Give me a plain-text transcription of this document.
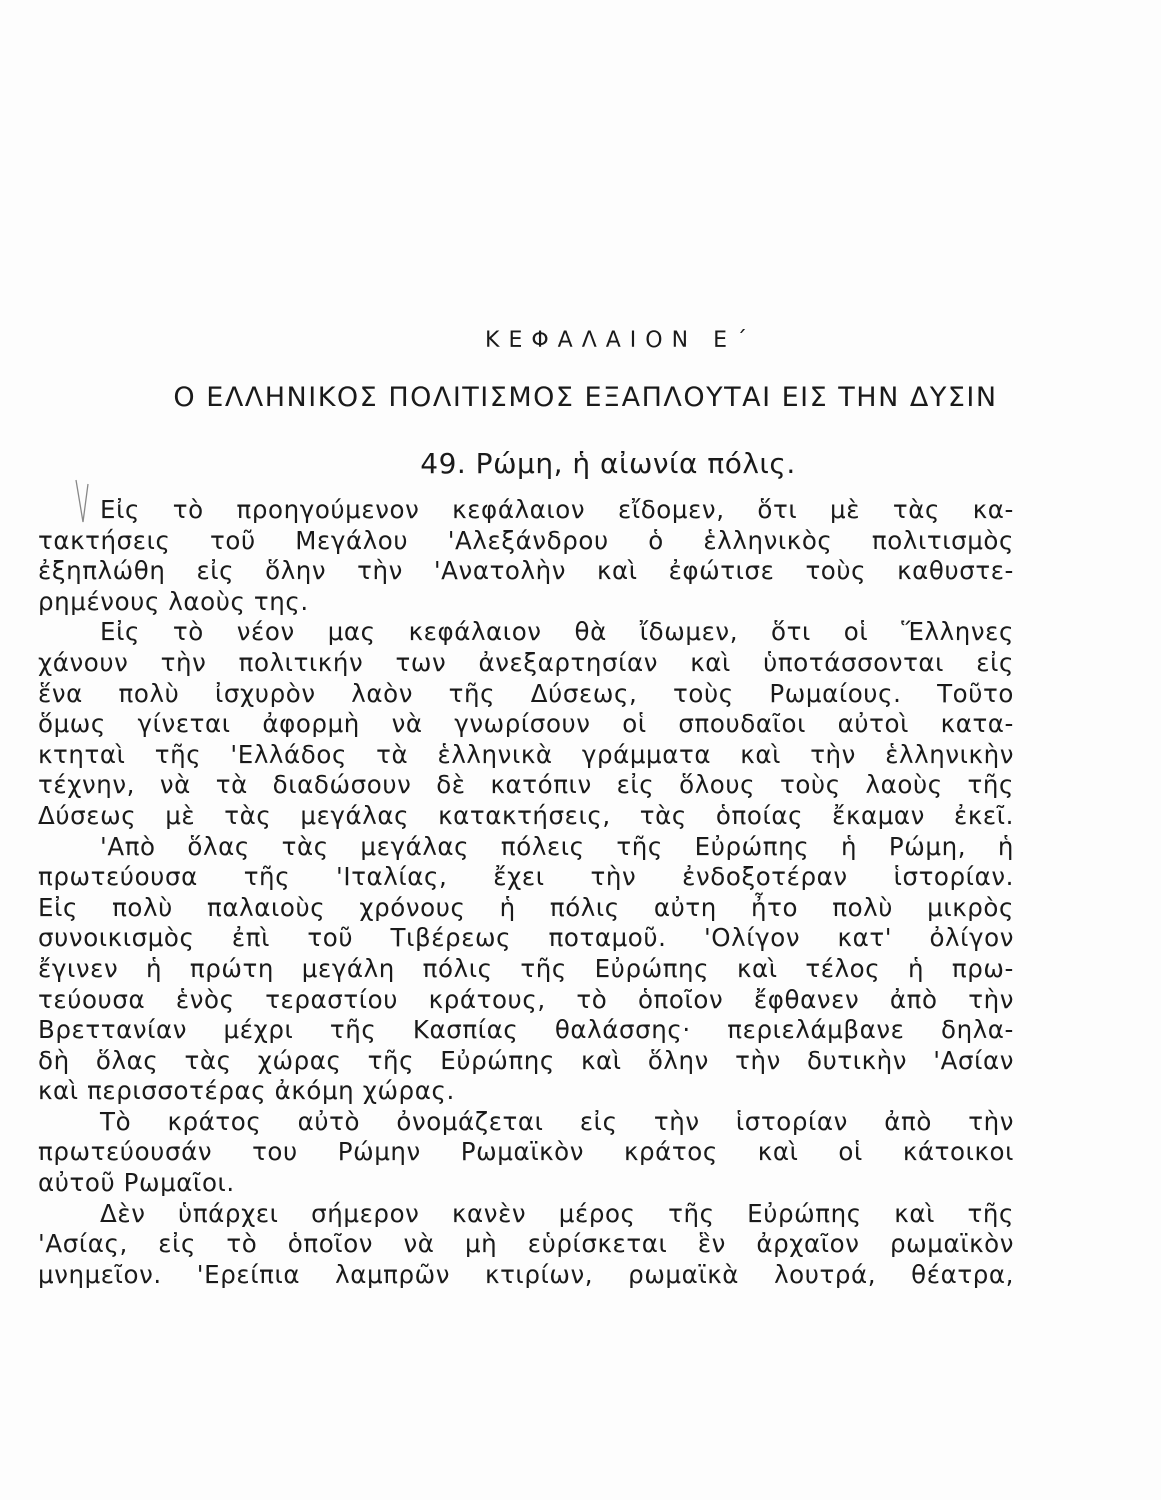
ΚΕΦΑΛΑΙΟΝ Ε΄
Ο ΕΛΛΗΝΙΚΟΣ ΠΟΛΙΤΙΣΜΟΣ ΕΞΑΠΛΟΥΤΑΙ ΕΙΣ ΤΗΝ ΔΥΣΙΝ
49. Ρώμη, ἡ αἰωνία πόλις.
Εἰς τὸ προηγούμενον κεφάλαιον εἴδομεν, ὅτι μὲ τὰς κα-
τακτήσεις τοῦ Μεγάλου 'Αλεξάνδρου ὁ ἑλληνικὸς πολιτισμὸς
ἐξηπλώθη εἰς ὅλην τὴν 'Ανατολὴν καὶ ἐφώτισε τοὺς καθυστε-
ρημένους λαοὺς της.
Εἰς τὸ νέον μας κεφάλαιον θὰ ἴδωμεν, ὅτι οἱ Ἕλληνες
χάνουν τὴν πολιτικήν των ἀνεξαρτησίαν καὶ ὑποτάσσονται εἰς
ἕνα πολὺ ἰσχυρὸν λαὸν τῆς Δύσεως, τοὺς Ρωμαίους. Τοῦτο
ὅμως γίνεται ἀφορμὴ νὰ γνωρίσουν οἱ σπουδαῖοι αὐτοὶ κατα-
κτηταὶ τῆς 'Ελλάδος τὰ ἑλληνικὰ γράμματα καὶ τὴν ἑλληνικὴν
τέχνην, νὰ τὰ διαδώσουν δὲ κατόπιν εἰς ὅλους τοὺς λαοὺς τῆς
Δύσεως μὲ τὰς μεγάλας κατακτήσεις, τὰς ὁποίας ἔκαμαν ἐκεῖ.
'Απὸ ὅλας τὰς μεγάλας πόλεις τῆς Εὐρώπης ἡ Ρώμη, ἡ
πρωτεύουσα τῆς 'Ιταλίας, ἔχει τὴν ἐνδοξοτέραν ἱστορίαν.
Εἰς πολὺ παλαιοὺς χρόνους ἡ πόλις αὐτη ἦτο πολὺ μικρὸς
συνοικισμὸς ἐπὶ τοῦ Τιβέρεως ποταμοῦ. 'Ολίγον κατ' ὀλίγον
ἔγινεν ἡ πρώτη μεγάλη πόλις τῆς Εὐρώπης καὶ τέλος ἡ πρω-
τεύουσα ἑνὸς τεραστίου κράτους, τὸ ὁποῖον ἔφθανεν ἀπὸ τὴν
Βρεττανίαν μέχρι τῆς Κασπίας θαλάσσης· περιελάμβανε δηλα-
δὴ ὅλας τὰς χώρας τῆς Εὐρώπης καὶ ὅλην τὴν δυτικὴν 'Ασίαν
καὶ περισσοτέρας ἀκόμη χώρας.
Τὸ κράτος αὐτὸ ὀνομάζεται εἰς τὴν ἱστορίαν ἀπὸ τὴν
πρωτεύουσάν του Ρώμην Ρωμαϊκὸν κράτος καὶ οἱ κάτοικοι
αὐτοῦ Ρωμαῖοι.
Δὲν ὑπάρχει σήμερον κανὲν μέρος τῆς Εὐρώπης καὶ τῆς
'Ασίας, εἰς τὸ ὁποῖον νὰ μὴ εὑρίσκεται ἓν ἀρχαῖον ρωμαϊκὸν
μνημεῖον. 'Ερείπια λαμπρῶν κτιρίων, ρωμαϊκὰ λουτρά, θέατρα,
